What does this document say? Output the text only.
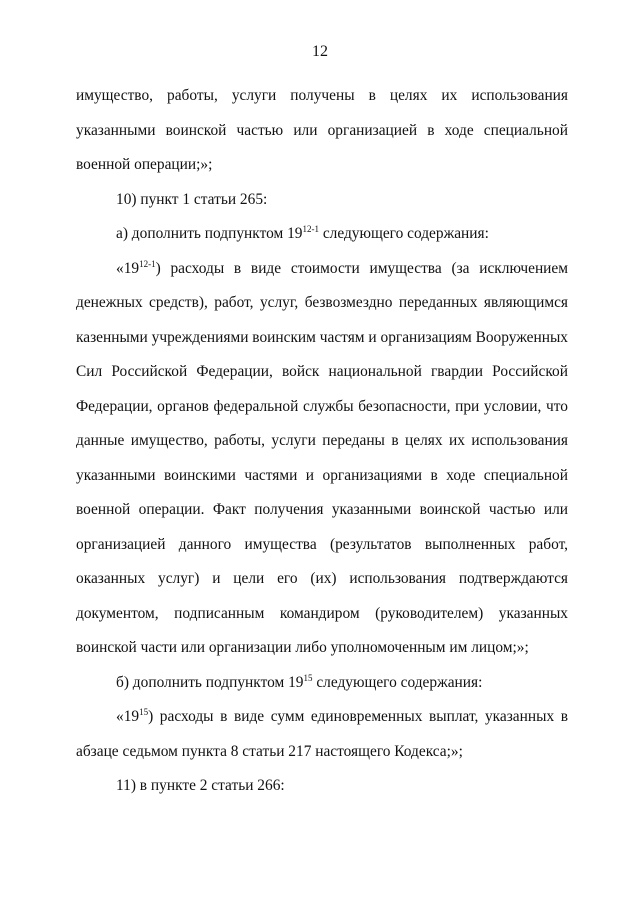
12

имущество, работы, услуги получены в целях их использования

указанными воинской частью или организацией в ходе специальной

военной операции;»;

10) пункт 1 статьи 265:

а) дополнить подпунктом 19$^{12-1}$ следующего содержания:

«19$^{12-1}$) расходы в виде стоимости имущества (за исключением

денежных средств), работ, услуг, безвозмездно переданных являющимся

казенными учреждениями воинским частям и организациям Вооруженных

Сил Российской Федерации, войск национальной гвардии Российской

Федерации, органов федеральной службы безопасности, при условии, что

данные имущество, работы, услуги переданы в целях их использования

указанными воинскими частями и организациями в ходе специальной

военной операции. Факт получения указанными воинской частью или

организацией данного имущества (результатов выполненных работ,

оказанных услуг) и цели его (их) использования подтверждаются

документом, подписанным командиром (руководителем) указанных

воинской части или организации либо уполномоченным им лицом;»;

б) дополнить подпунктом $19^{15}$ следующего содержания:

«$19^{15}$) расходы в виде сумм единовременных выплат, указанных в

абзаце седьмом пункта 8 статьи 217 настоящего Кодекса;»;

11) в пункте 2 статьи 266:
